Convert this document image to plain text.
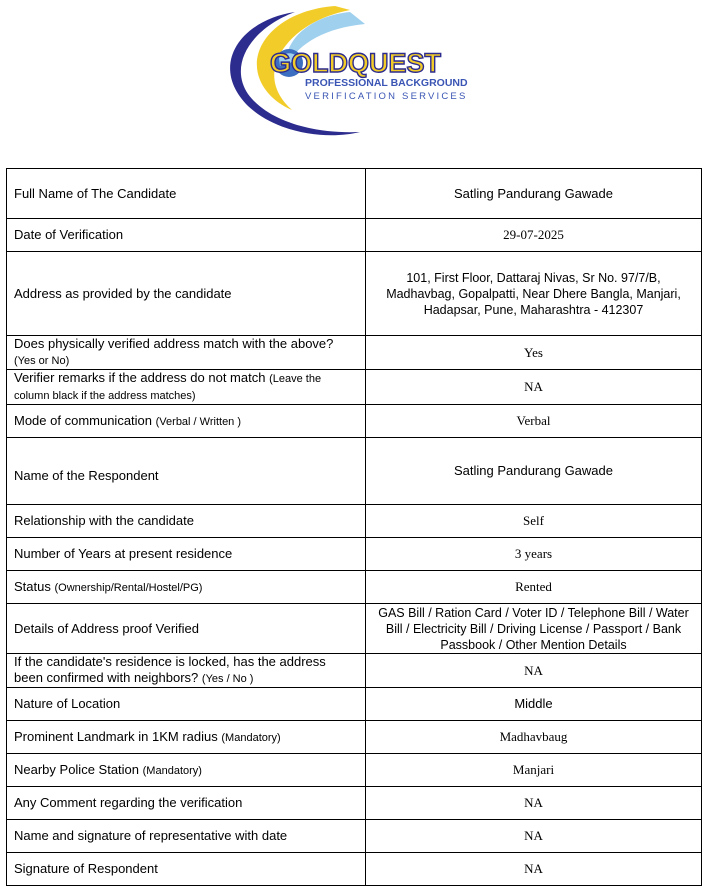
GOLDQUEST
PROFESSIONAL BACKGROUND
VERIFICATION SERVICES
Full Name of The Candidate	Satling Pandurang Gawade
Date of Verification	29-07-2025
Address as provided by the candidate	101, First Floor, Dattaraj Nivas, Sr No. 97/7/B, Madhavbag, Gopalpatti, Near Dhere Bangla, Manjari, Hadapsar, Pune, Maharashtra - 412307
Does physically verified address match with the above?
(Yes or No)	Yes
Verifier remarks if the address do not match (Leave the column black if the address matches)	NA
Mode of communication (Verbal / Written )	Verbal
Name of the Respondent	Satling Pandurang Gawade
Relationship with the candidate	Self
Number of Years at present residence	3 years
Status (Ownership/Rental/Hostel/PG)	Rented
Details of Address proof Verified	GAS Bill / Ration Card / Voter ID / Telephone Bill / Water Bill / Electricity Bill / Driving License / Passport / Bank Passbook / Other Mention Details
If the candidate's residence is locked, has the address been confirmed with neighbors? (Yes / No )	NA
Nature of Location	Middle
Prominent Landmark in 1KM radius (Mandatory)	Madhavbaug
Nearby Police Station (Mandatory)	Manjari
Any Comment regarding the verification	NA
Name and signature of representative with date	NA
Signature of Respondent	NA
